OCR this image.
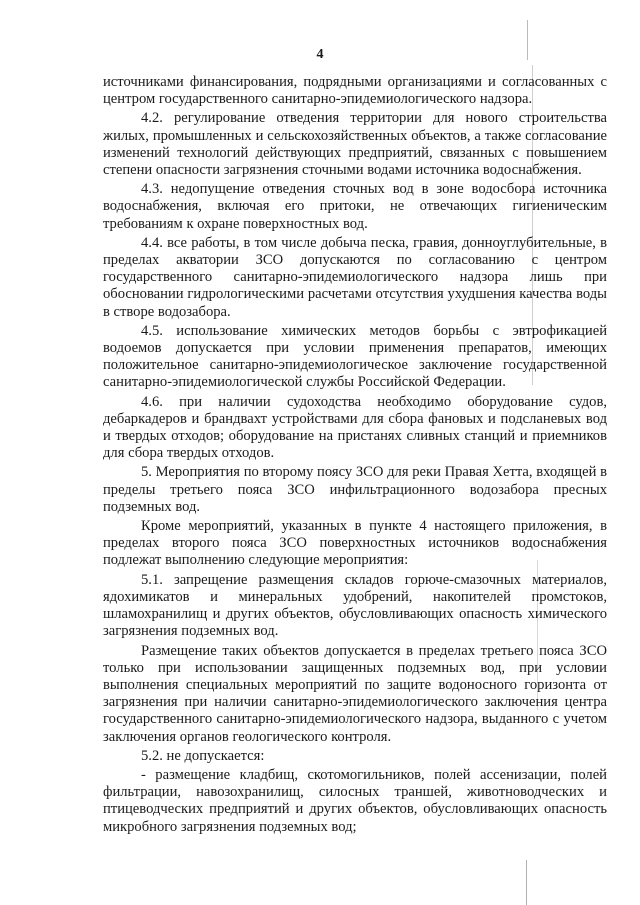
4

источниками финансирования, подрядными организациями и согласованных с центром государственного санитарно-эпидемиологического надзора.

4.2. регулирование отведения территории для нового строительства жилых, промышленных и сельскохозяйственных объектов, а также согласование изменений технологий действующих предприятий, связанных с повышением степени опасности загрязнения сточными водами источника водоснабжения.

4.3. недопущение отведения сточных вод в зоне водосбора источника водоснабжения, включая его притоки, не отвечающих гигиеническим требованиям к охране поверхностных вод.

4.4. все работы, в том числе добыча песка, гравия, донноуглубительные, в пределах акватории ЗСО допускаются по согласованию с центром государственного санитарно-эпидемиологического надзора лишь при обосновании гидрологическими расчетами отсутствия ухудшения качества воды в створе водозабора.

4.5. использование химических методов борьбы с эвтрофикацией водоемов допускается при условии применения препаратов, имеющих положительное санитарно-эпидемиологическое заключение государственной санитарно-эпидемиологической службы Российской Федерации.

4.6. при наличии судоходства необходимо оборудование судов, дебаркадеров и брандвахт устройствами для сбора фановых и подсланевых вод и твердых отходов; оборудование на пристанях сливных станций и приемников для сбора твердых отходов.

5. Мероприятия по второму поясу ЗСО для реки Правая Хетта, входящей в пределы третьего пояса ЗСО инфильтрационного водозабора пресных подземных вод.

Кроме мероприятий, указанных в пункте 4 настоящего приложения, в пределах второго пояса ЗСО поверхностных источников водоснабжения подлежат выполнению следующие мероприятия:

5.1. запрещение размещения складов горюче-смазочных материалов, ядохимикатов и минеральных удобрений, накопителей промстоков, шламохранилищ и других объектов, обусловливающих опасность химического загрязнения подземных вод.

Размещение таких объектов допускается в пределах третьего пояса ЗСО только при использовании защищенных подземных вод, при условии выполнения специальных мероприятий по защите водоносного горизонта от загрязнения при наличии санитарно-эпидемиологического заключения центра государственного санитарно-эпидемиологического надзора, выданного с учетом заключения органов геологического контроля.

5.2. не допускается:

- размещение кладбищ, скотомогильников, полей ассенизации, полей фильтрации, навозохранилищ, силосных траншей, животноводческих и птицеводческих предприятий и других объектов, обусловливающих опасность микробного загрязнения подземных вод;
